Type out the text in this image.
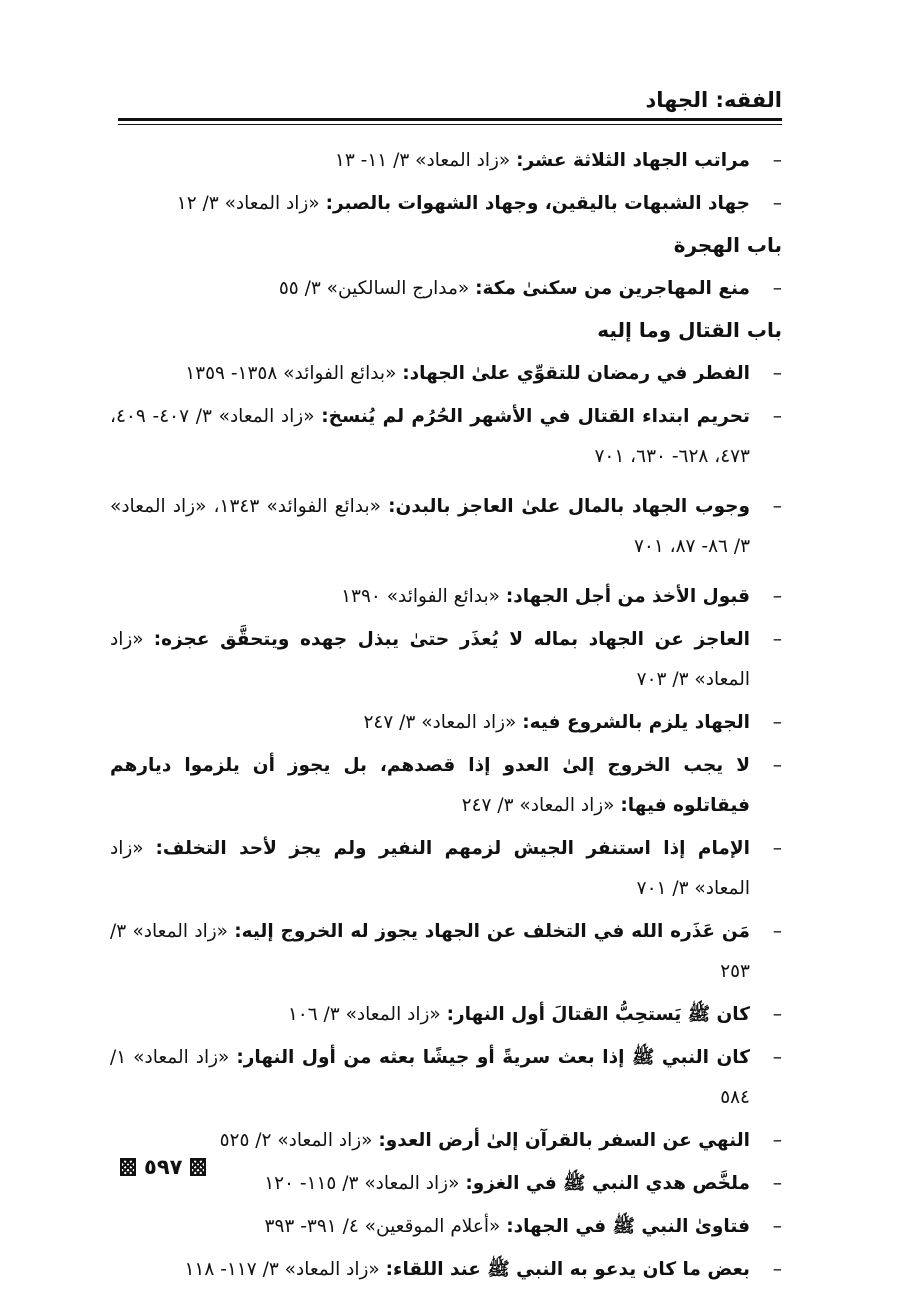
الفقه: الجهاد
–
مراتب الجهاد الثلاثة عشر: «زاد المعاد» ٣/ ١١- ١٣
–
جهاد الشبهات باليقين، وجهاد الشهوات بالصبر: «زاد المعاد» ٣/ ١٢
باب الهجرة
–
منع المهاجرين من سكنىٰ مكة: «مدارج السالكين» ٣/ ٥٥
باب القتال وما إليه
–
الفطر في رمضان للتقوِّي علىٰ الجهاد: «بدائع الفوائد» ١٣٥٨- ١٣٥٩
–
تحريم ابتداء القتال في الأشهر الحُرُم لم يُنسخ: «زاد المعاد» ٣/ ٤٠٧- ٤٠٩، ٤٧٣، ٦٢٨- ٦٣٠، ٧٠١
–
وجوب الجهاد بالمال علىٰ العاجز بالبدن: «بدائع الفوائد» ١٣٤٣، «زاد المعاد» ٣/ ٨٦- ٨٧، ٧٠١
–
قبول الأخذ من أجل الجهاد: «بدائع الفوائد» ١٣٩٠
–
العاجز عن الجهاد بماله لا يُعذَر حتىٰ يبذل جهده ويتحقَّق عجزه: «زاد المعاد» ٣/ ٧٠٣
–
الجهاد يلزم بالشروع فيه: «زاد المعاد» ٣/ ٢٤٧
–
لا يجب الخروج إلىٰ العدو إذا قصدهم، بل يجوز أن يلزموا ديارهم فيقاتلوه فيها: «زاد المعاد» ٣/ ٢٤٧
–
الإمام إذا استنفر الجيش لزمهم النفير ولم يجز لأحد التخلف: «زاد المعاد» ٣/ ٧٠١
–
مَن عَذَره الله في التخلف عن الجهاد يجوز له الخروج إليه: «زاد المعاد» ٣/ ٢٥٣
–
كان ﷺ يَستحِبُّ القتالَ أول النهار: «زاد المعاد» ٣/ ١٠٦
–
كان النبي ﷺ إذا بعث سريةً أو جيشًا بعثه من أول النهار: «زاد المعاد» ١/ ٥٨٤
–
النهي عن السفر بالقرآن إلىٰ أرض العدو: «زاد المعاد» ٢/ ٥٢٥
–
ملخَّص هدي النبي ﷺ في الغزو: «زاد المعاد» ٣/ ١١٥- ١٢٠
–
فتاوىٰ النبي ﷺ في الجهاد: «أعلام الموقعين» ٤/ ٣٩١- ٣٩٣
–
بعض ما كان يدعو به النبي ﷺ عند اللقاء: «زاد المعاد» ٣/ ١١٧- ١١٨
٥٩٧
